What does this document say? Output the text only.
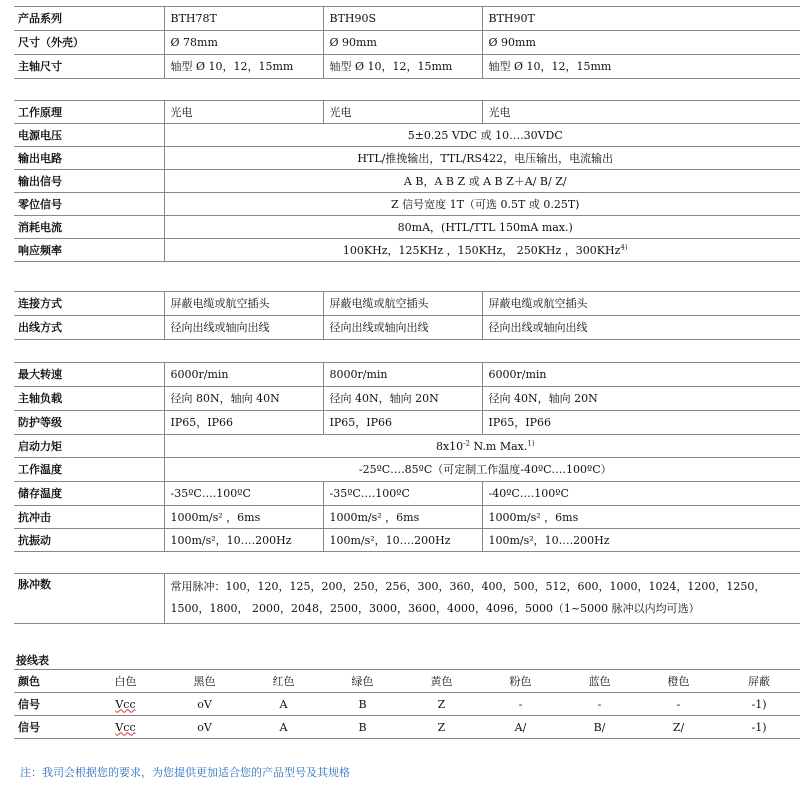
产品系列	BTH78T	BTH90S	BTH90T
尺寸（外壳）	Ø 78mm	Ø 90mm	Ø 90mm
主轴尺寸	轴型 Ø 10，12，15mm	轴型 Ø 10，12，15mm	轴型 Ø 10，12，15mm
工作原理	光电	光电	光电
电源电压	5±0.25 VDC 或 10….30VDC		
输出电路	HTL/推挽输出，TTL/RS422，电压输出，电流输出		
输出信号	A B，A B Z 或 A B Z＋A/ B/ Z/		
零位信号	Z 信号宽度 1T（可选 0.5T 或 0.25T)		
消耗电流	80mA，(HTL/TTL 150mA max.)		
响应频率	100KHz，125KHz ，150KHz， 250KHz ，300KHz$^{4)}$
连接方式	屏蔽电缆或航空插头	屏蔽电缆或航空插头	屏蔽电缆或航空插头
出线方式	径向出线或轴向出线	径向出线或轴向出线	径向出线或轴向出线
最大转速	6000r/min	8000r/min	6000r/min
主轴负载	径向 80N，轴向 40N	径向 40N，轴向 20N	径向 40N，轴向 20N
防护等级	IP65，IP66	IP65，IP66	IP65，IP66
启动力矩	$8x10^{-2}$ N.m Max.$^{1)}$
工作温度	-25ºC….85ºC（可定制工作温度-40ºC….100ºC）		
储存温度	-35ºC….100ºC	-35ºC….100ºC	-40ºC….100ºC
抗冲击	1000m/s² ，6ms	1000m/s² ，6ms	1000m/s² ，6ms
抗振动	100m/s²，10….200Hz	100m/s²，10….200Hz	100m/s²，10….200Hz
脉冲数	常用脉冲：100，120，125，200，250，256，300，360，400，500，512，600，1000，1024，1200，1250，1500，1800， 2000，2048，2500，3000，3600，4000，4096，5000（1~5000 脉冲以内均可选）
接线表
颜色	白色	黑色	红色	绿色	黄色	粉色	蓝色	橙色	屏蔽
信号	Vcc	oV	A	B	Z	-	-	-	-1)
信号	Vcc	oV	A	B	Z	A/	B/	Z/	-1)
注：我司会根据您的要求，为您提供更加适合您的产品型号及其规格
